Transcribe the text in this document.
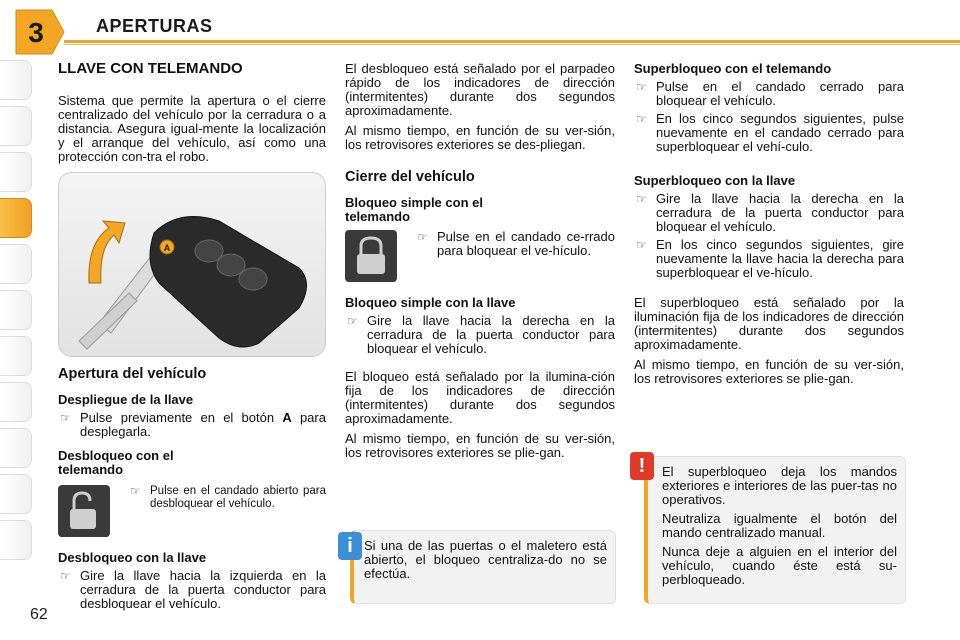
3	APERTURAS
LLAVE CON TELEMANDO

Sistema que permite la apertura o el cierre centralizado del vehículo por la cerradura o a distancia. Asegura igual-mente la localización y el arranque del vehículo, así como una protección con-tra el robo.

A
Apertura del vehículo
Despliegue de la llave
☞ Pulse previamente en el botón A para desplegarla.
Desbloqueo con el telemando
☞ Pulse en el candado abierto para desbloquear el vehículo.
Desbloqueo con la llave
☞ Gire la llave hacia la izquierda en la cerradura de la puerta conductor para desbloquear el vehículo.

El desbloqueo está señalado por el parpadeo rápido de los indicadores de dirección (intermitentes) durante dos segundos aproximadamente.

Al mismo tiempo, en función de su ver-sión, los retrovisores exteriores se des-pliegan.

Cierre del vehículo
Bloqueo simple con el telemando
☞ Pulse en el candado ce-rrado para bloquear el ve-hículo.
Bloqueo simple con la llave
☞ Gire la llave hacia la derecha en la cerradura de la puerta conductor para bloquear el vehículo.

El bloqueo está señalado por la ilumina-ción fija de los indicadores de dirección (intermitentes) durante dos segundos aproximadamente.

Al mismo tiempo, en función de su ver-sión, los retrovisores exteriores se plie-gan.

Si una de las puertas o el maletero está abierto, el bloqueo centraliza-do no se efectúa.

i
Superbloqueo con el telemando
☞ Pulse en el candado cerrado para bloquear el vehículo.
☞ En los cinco segundos siguientes, pulse nuevamente en el candado cerrado para superbloquear el vehí-culo.
Superbloqueo con la llave
☞ Gire la llave hacia la derecha en la cerradura de la puerta conductor para bloquear el vehículo.
☞ En los cinco segundos siguientes, gire nuevamente la llave hacia la derecha para superbloquear el ve-hículo.

El superbloqueo está señalado por la iluminación fija de los indicadores de dirección (intermitentes) durante dos segundos aproximadamente.

Al mismo tiempo, en función de su ver-sión, los retrovisores exteriores se plie-gan.

El superbloqueo deja los mandos exteriores e interiores de las puer-tas no operativos.

Neutraliza igualmente el botón del mando centralizado manual.

Nunca deje a alguien en el interior del vehículo, cuando éste está su-perbloqueado.

!
62
